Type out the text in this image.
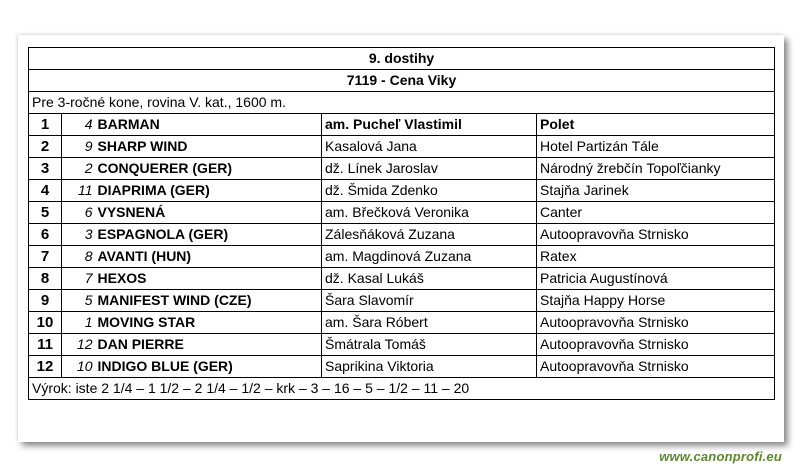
9. dostihy				
7119 - Cena Viky				
Pre 3-ročné kone, rovina V. kat., 1600 m.				
1	4	BARMAN	am. Pucheľ Vlastimil	Polet
2	9	SHARP WIND	Kasalová Jana	Hotel Partizán Tále
3	2	CONQUERER (GER)	dž. Línek Jaroslav	Národný žrebčín Topoľčianky
4	11	DIAPRIMA (GER)	dž. Šmida Zdenko	Stajňa Jarinek
5	6	VYSNENÁ	am. Břečková Veronika	Canter
6	3	ESPAGNOLA (GER)	Zálesňáková Zuzana	Autoopravovňa Strnisko
7	8	AVANTI (HUN)	am. Magdinová Zuzana	Ratex
8	7	HEXOS	dž. Kasal Lukáš	Patricia Augustínová
9	5	MANIFEST WIND (CZE)	Šara Slavomír	Stajňa Happy Horse
10	1	MOVING STAR	am. Šara Róbert	Autoopravovňa Strnisko
11	12	DAN PIERRE	Šmátrala Tomáš	Autoopravovňa Strnisko
12	10	INDIGO BLUE (GER)	Saprikina Viktoria	Autoopravovňa Strnisko
Výrok: iste 2 1/4 – 1 1/2 – 2 1/4 – 1/2 – krk – 3 – 16 – 5 – 1/2 – 11 – 20				
www.canonprofi.eu
